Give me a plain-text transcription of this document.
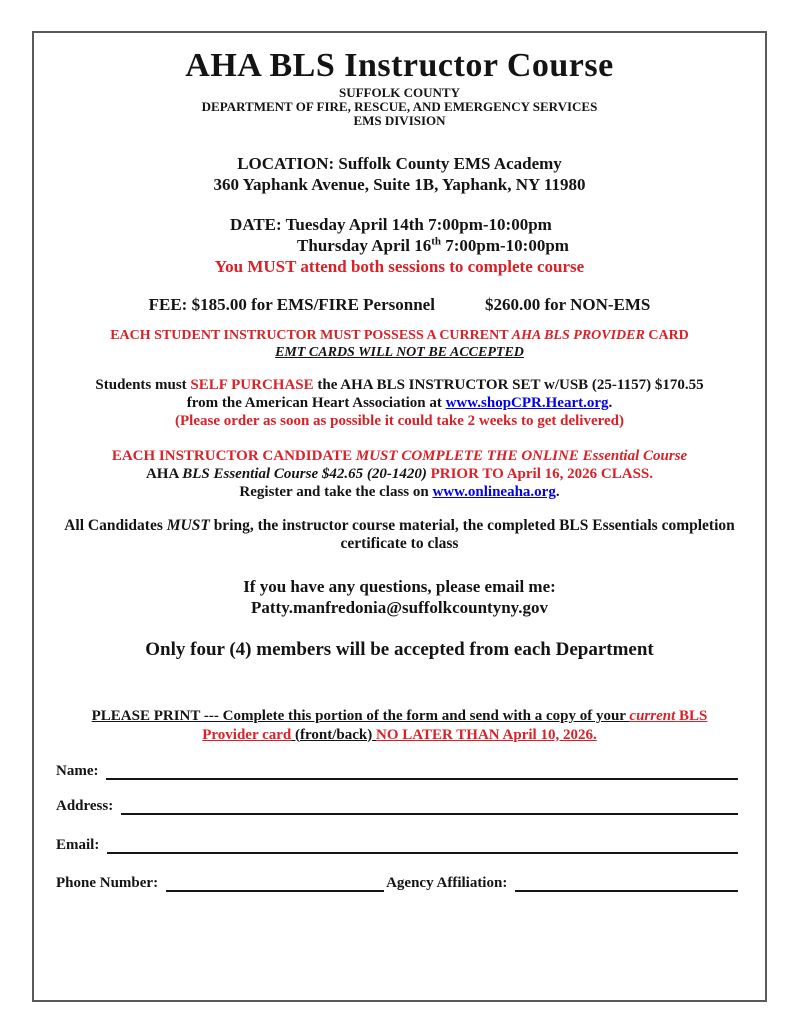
AHA BLS Instructor Course
SUFFOLK COUNTY
DEPARTMENT OF FIRE, RESCUE, AND EMERGENCY SERVICES
EMS DIVISION
LOCATION: Suffolk County EMS Academy
360 Yaphank Avenue, Suite 1B, Yaphank, NY 11980
DATE: Tuesday April 14th 7:00pm-10:00pm
Thursday April 16th 7:00pm-10:00pm
You MUST attend both sessions to complete course
FEE: $185.00 for EMS/FIRE Personnel	$260.00 for NON-EMS
EACH STUDENT INSTRUCTOR MUST POSSESS A CURRENT AHA BLS PROVIDER CARD
EMT CARDS WILL NOT BE ACCEPTED
Students must SELF PURCHASE the AHA BLS INSTRUCTOR SET w/USB (25-1157) $170.55
from the American Heart Association at www.shopCPR.Heart.org.
(Please order as soon as possible it could take 2 weeks to get delivered)
EACH INSTRUCTOR CANDIDATE MUST COMPLETE THE ONLINE Essential Course
AHA BLS Essential Course $42.65 (20-1420) PRIOR TO April 16, 2026 CLASS.
Register and take the class on www.onlineaha.org.
All Candidates MUST bring, the instructor course material, the completed BLS Essentials completion certificate to class
If you have any questions, please email me:
Patty.manfredonia@suffolkcountyny.gov
Only four (4) members will be accepted from each Department
PLEASE PRINT --- Complete this portion of the form and send with a copy of your current BLS Provider card (front/back) NO LATER THAN April 10, 2026.
Name:
Address:
Email:
Phone Number:	Agency Affiliation:
